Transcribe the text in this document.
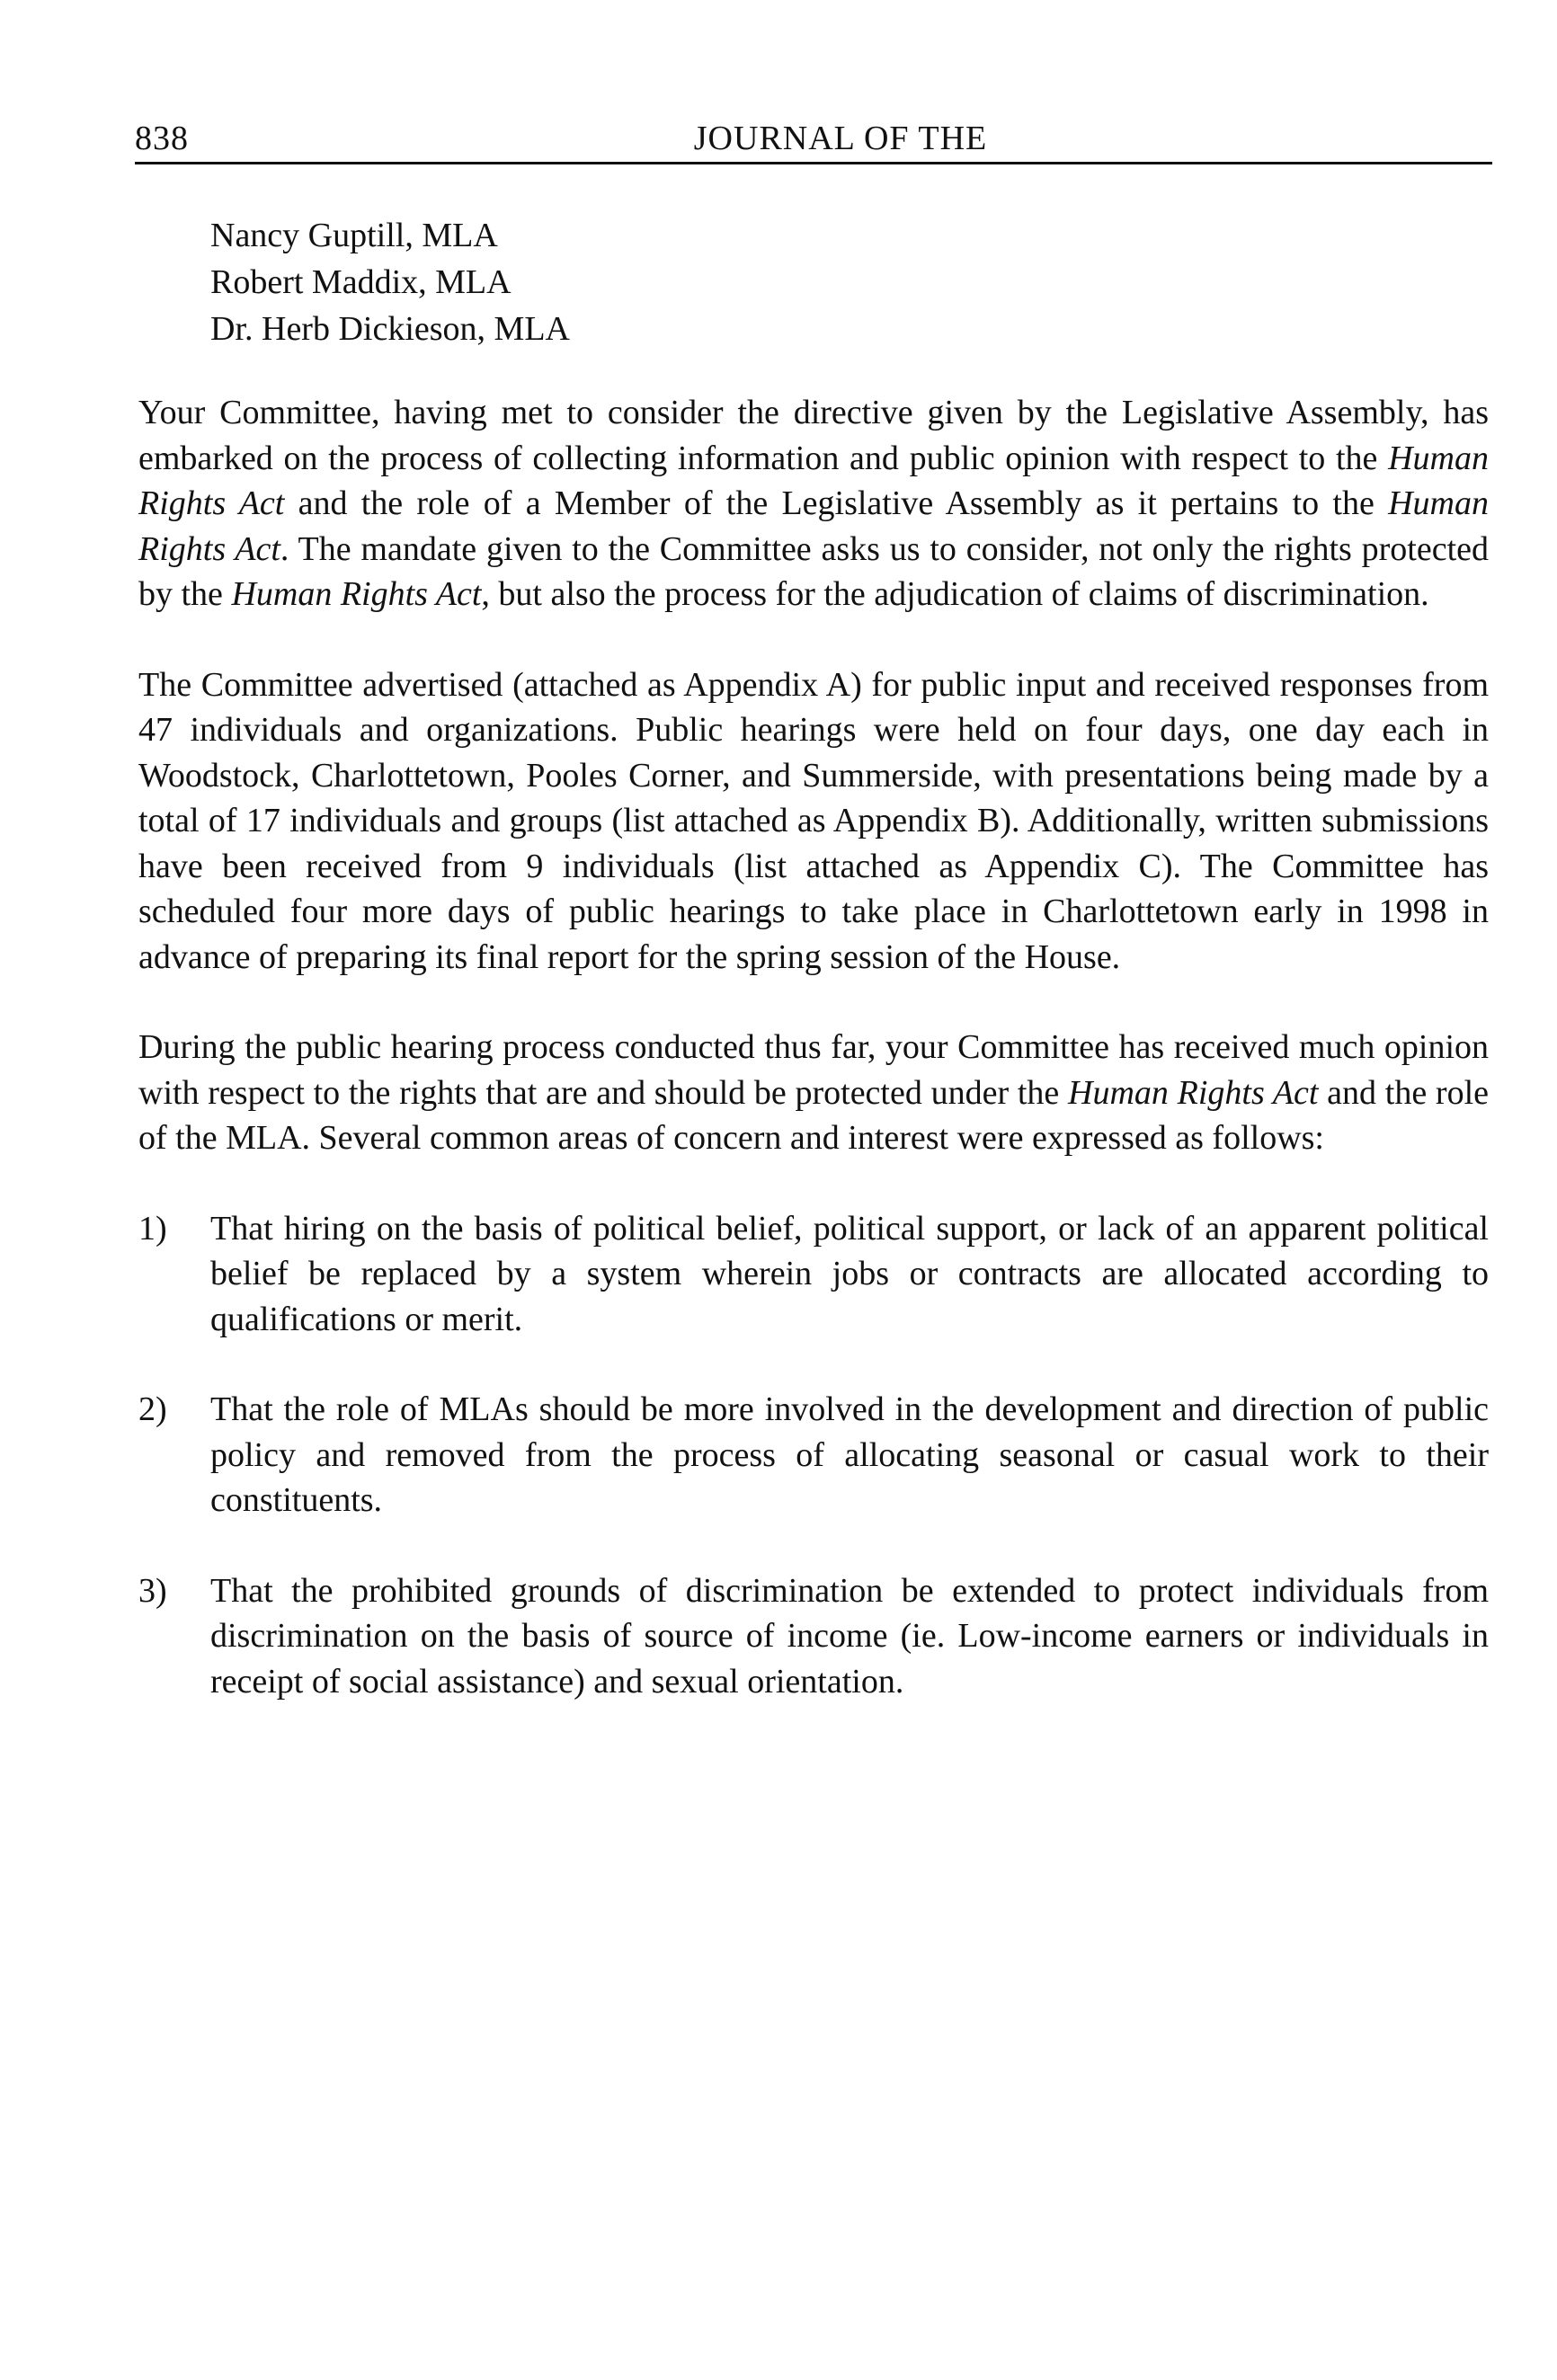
838	JOURNAL OF THE
Nancy Guptill, MLA
Robert Maddix, MLA
Dr. Herb Dickieson, MLA

Your Committee, having met to consider the directive given by the Legislative Assembly, has embarked on the process of collecting information and public opinion with respect to the Human Rights Act and the role of a Member of the Legislative Assembly as it pertains to the Human Rights Act. The mandate given to the Committee asks us to consider, not only the rights protected by the Human Rights Act, but also the process for the adjudication of claims of discrimination.

The Committee advertised (attached as Appendix A) for public input and received responses from 47 individuals and organizations. Public hearings were held on four days, one day each in Woodstock, Charlottetown, Pooles Corner, and Summerside, with presentations being made by a total of 17 individuals and groups (list attached as Appendix B). Additionally, written submissions have been received from 9 individuals (list attached as Appendix C). The Committee has scheduled four more days of public hearings to take place in Charlottetown early in 1998 in advance of preparing its final report for the spring session of the House.

During the public hearing process conducted thus far, your Committee has received much opinion with respect to the rights that are and should be protected under the Human Rights Act and the role of the MLA. Several common areas of concern and interest were expressed as follows:

1)	That hiring on the basis of political belief, political support, or lack of an apparent political belief be replaced by a system wherein jobs or contracts are allocated according to qualifications or merit.
2)	That the role of MLAs should be more involved in the development and direction of public policy and removed from the process of allocating seasonal or casual work to their constituents.
3)	That the prohibited grounds of discrimination be extended to protect individuals from discrimination on the basis of source of income (ie. Low-income earners or individuals in receipt of social assistance) and sexual orientation.
